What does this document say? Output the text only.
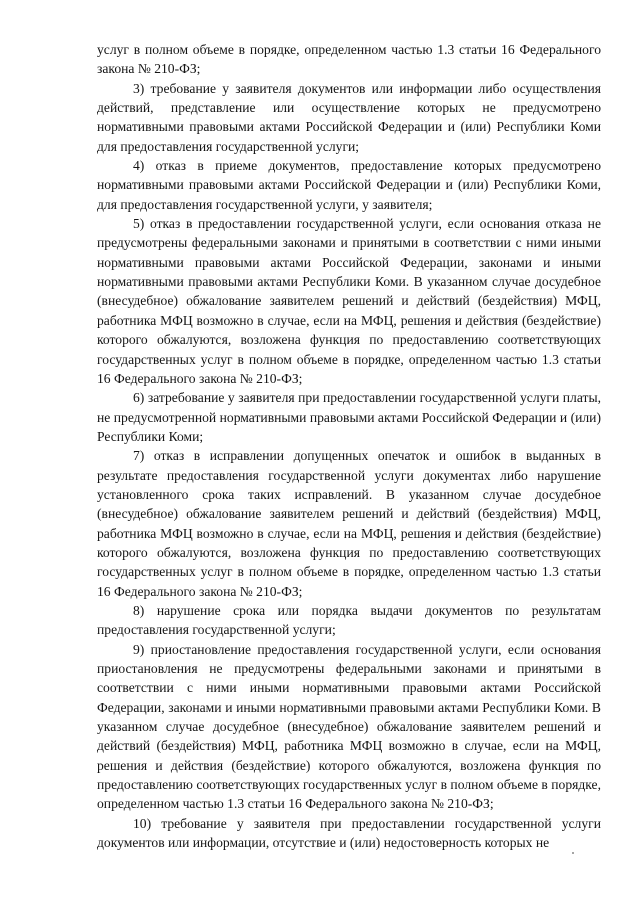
услуг в полном объеме в порядке, определенном частью 1.3 статьи 16 Федерального закона № 210-ФЗ;

3) требование у заявителя документов или информации либо осуществления действий, представление или осуществление которых не предусмотрено нормативными правовыми актами Российской Федерации и (или) Республики Коми для предоставления государственной услуги;

4) отказ в приеме документов, предоставление которых предусмотрено нормативными правовыми актами Российской Федерации и (или) Республики Коми, для предоставления государственной услуги, у заявителя;

5) отказ в предоставлении государственной услуги, если основания отказа не предусмотрены федеральными законами и принятыми в соответствии с ними иными нормативными правовыми актами Российской Федерации, законами и иными нормативными правовыми актами Республики Коми. В указанном случае досудебное (внесудебное) обжалование заявителем решений и действий (бездействия) МФЦ, работника МФЦ возможно в случае, если на МФЦ, решения и действия (бездействие) которого обжалуются, возложена функция по предоставлению соответствующих государственных услуг в полном объеме в порядке, определенном частью 1.3 статьи 16 Федерального закона № 210-ФЗ;

6) затребование у заявителя при предоставлении государственной услуги платы, не предусмотренной нормативными правовыми актами Российской Федерации и (или) Республики Коми;

7) отказ в исправлении допущенных опечаток и ошибок в выданных в результате предоставления государственной услуги документах либо нарушение установленного срока таких исправлений. В указанном случае досудебное (внесудебное) обжалование заявителем решений и действий (бездействия) МФЦ, работника МФЦ возможно в случае, если на МФЦ, решения и действия (бездействие) которого обжалуются, возложена функция по предоставлению соответствующих государственных услуг в полном объеме в порядке, определенном частью 1.3 статьи 16 Федерального закона № 210-ФЗ;

8) нарушение срока или порядка выдачи документов по результатам предоставления государственной услуги;

9) приостановление предоставления государственной услуги, если основания приостановления не предусмотрены федеральными законами и принятыми в соответствии с ними иными нормативными правовыми актами Российской Федерации, законами и иными нормативными правовыми актами Республики Коми. В указанном случае досудебное (внесудебное) обжалование заявителем решений и действий (бездействия) МФЦ, работника МФЦ возможно в случае, если на МФЦ, решения и действия (бездействие) которого обжалуются, возложена функция по предоставлению соответствующих государственных услуг в полном объеме в порядке, определенном частью 1.3 статьи 16 Федерального закона № 210-ФЗ;

10) требование у заявителя при предоставлении государственной услуги документов или информации, отсутствие и (или) недостоверность которых не
